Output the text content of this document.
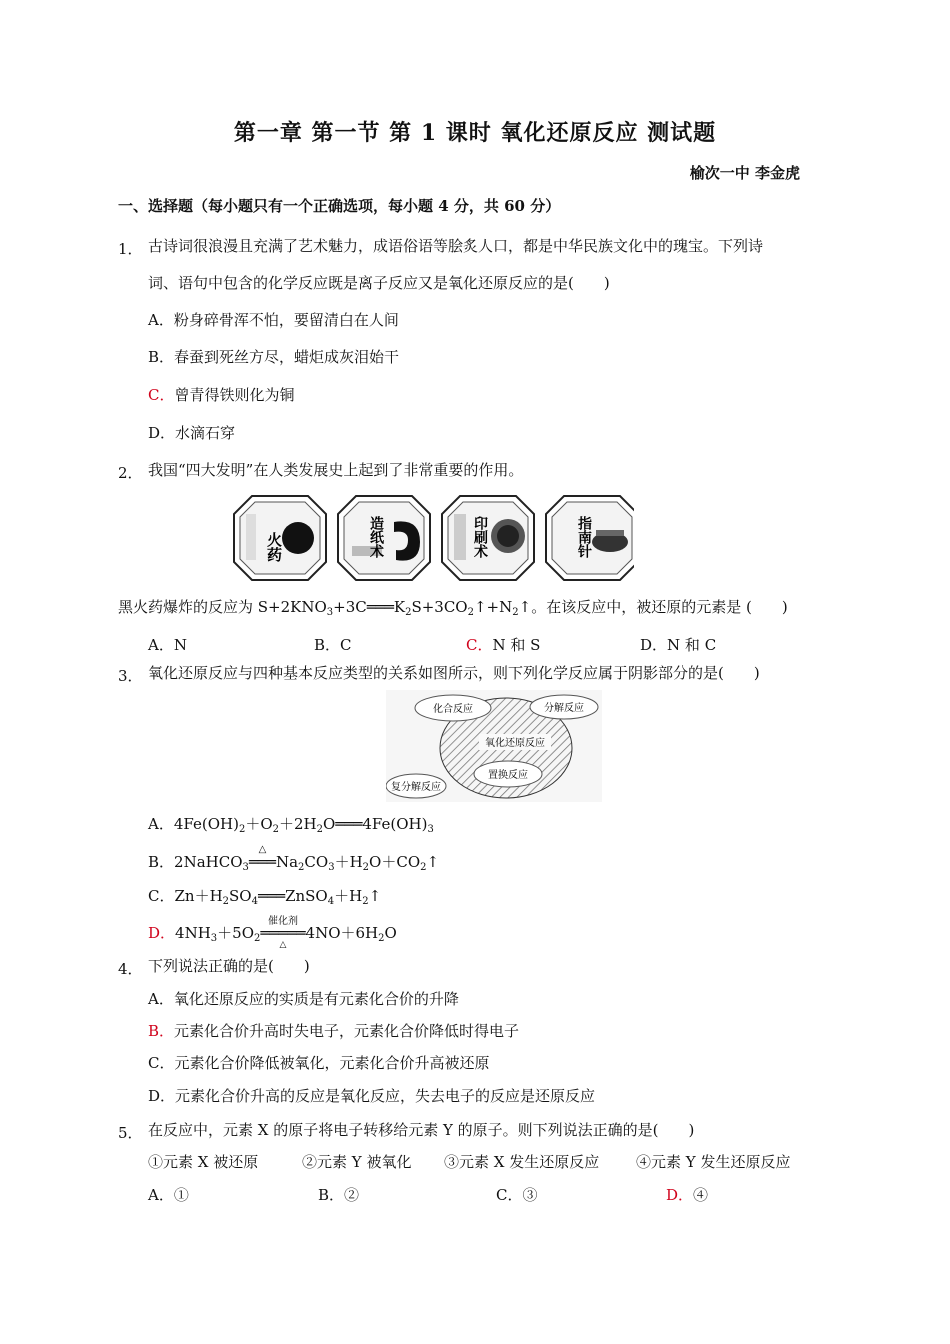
第一章 第一节 第 1 课时 氧化还原反应 测试题
榆次一中 李金虎
一、选择题（每小题只有一个正确选项，每小题 4 分，共 60 分）
1． 古诗词很浪漫且充满了艺术魅力，成语俗语等脍炙人口，都是中华民族文化中的瑰宝。下列诗
词、语句中包含的化学反应既是离子反应又是氧化还原反应的是(　　)
A．粉身碎骨浑不怕，要留清白在人间
B．春蚕到死丝方尽，蜡炬成灰泪始干
C．曾青得铁则化为铜
D．水滴石穿
2． 我国“四大发明”在人类发展史上起到了非常重要的作用。
火药	造纸术	印刷术	指南针
黑火药爆炸的反应为 $S+2KNO_3+3C═══K_2S+3CO_2↑+N_2↑$。在该反应中，被还原的元素是 (　　)
A．N	B．C	C．N 和 S	D．N 和 C
3． 氧化还原反应与四种基本反应类型的关系如图所示，则下列化学反应属于阴影部分的是(　　)
化合反应	分解反应
氧化还原反应
置换反应
复分解反应
A．$4Fe(OH)_2+O_2+2H_2O═══4Fe(OH)_3$
B．2NaHCO$_3$
△
$═══Na_2CO_3+H_2O+CO_2↑$
C．$Zn+H_2SO_4═══ZnSO_4+H_2↑$
D．$4NH_3+5O_2$
催化剂
═════
△
$4NO+6H_2O$
4． 下列说法正确的是(　　)
A．氧化还原反应的实质是有元素化合价的升降
B．元素化合价升高时失电子，元素化合价降低时得电子
C．元素化合价降低被氧化，元素化合价升高被还原
D．元素化合价升高的反应是氧化反应，失去电子的反应是还原反应
5． 在反应中，元素 X 的原子将电子转移给元素 Y 的原子。则下列说法正确的是(　　)
①元素 X 被还原	②元素 Y 被氧化 ③元素 X 发生还原反应 ④元素 Y 发生还原反应
A．①	B．②	C．③	D．④
